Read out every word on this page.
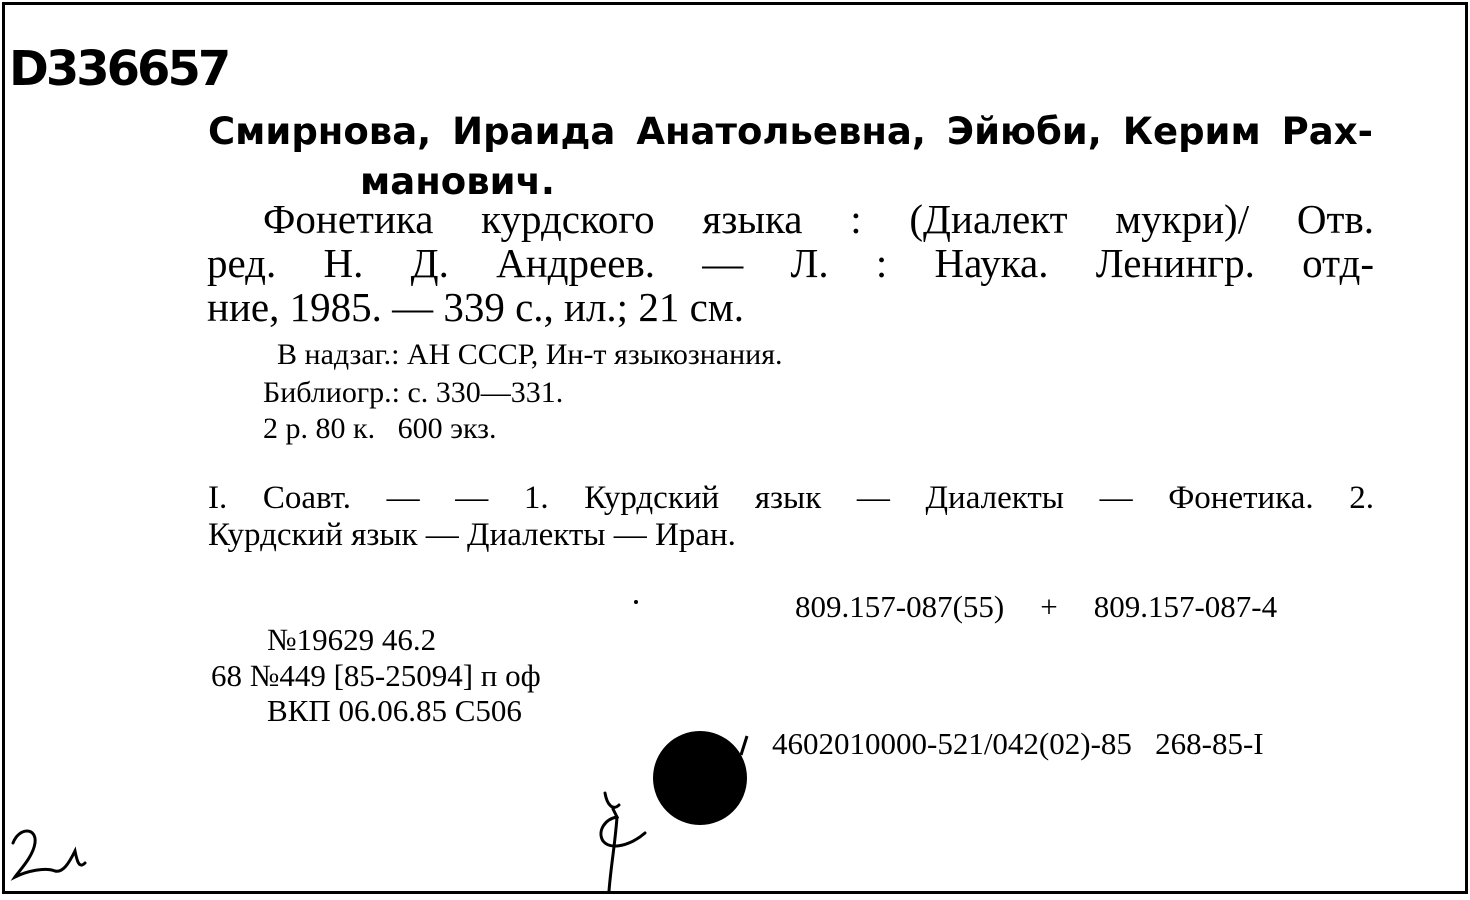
D336657
Смирнова, Ираида Анатольевна, Эйюби, Керим Рах-
манович.
Фонетика курдского языка : (Диалект мукри)/ Отв.
ред. Н. Д. Андреев. — Л. : Наука. Ленингр. отд-
ние, 1985. — 339 с., ил.; 21 см.
В надзаг.: АН СССР, Ин-т языкознания.
Библиогр.: с. 330—331.
2 р. 80 к.   600 экз.
I. Соавт. — — 1. Курдский язык — Диалекты — Фонетика. 2.
Курдский язык — Диалекты — Иран.
809.157-087(55) + 809.157-087-4
№19629 46.2
68 №449 [85-25094] п оф
ВКП 06.06.85 С506
4602010000-521/042(02)-85   268-85-I
